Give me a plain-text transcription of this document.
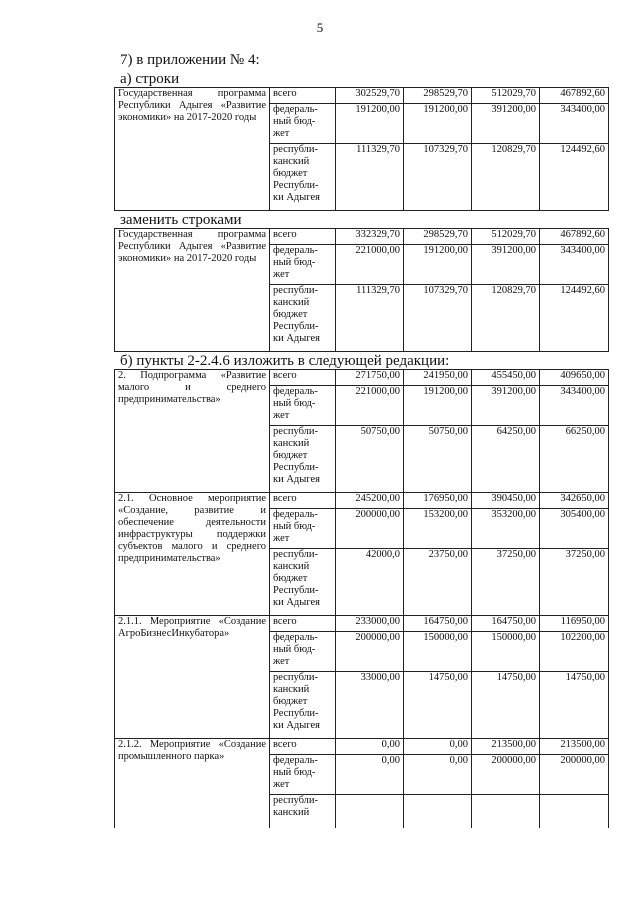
5
7) в приложении № 4:
а) строки
Государственная программа Республики Адыгея «Развитие экономики» на 2017-2020 годы	всего	302529,70	298529,70	512029,70	467892,60
	федераль-
ный бюд-
жет	191200,00	191200,00	391200,00	343400,00
	республи-
канский
бюджет
Республи-
ки Адыгея	111329,70	107329,70	120829,70	124492,60
заменить строками
Государственная программа Республики Адыгея «Развитие экономики» на 2017-2020 годы	всего	332329,70	298529,70	512029,70	467892,60
	федераль-
ный бюд-
жет	221000,00	191200,00	391200,00	343400,00
	республи-
канский
бюджет
Республи-
ки Адыгея	111329,70	107329,70	120829,70	124492,60
б) пункты 2-2.4.6 изложить в следующей редакции:
2. Подпрограмма «Развитие малого и среднего предпринимательства»	всего	271750,00	241950,00	455450,00	409650,00
	федераль-
ный бюд-
жет	221000,00	191200,00	391200,00	343400,00
	республи-
канский
бюджет
Республи-
ки Адыгея	50750,00	50750,00	64250,00	66250,00
2.1. Основное мероприятие «Создание, развитие и обеспечение деятельности инфраструктуры поддержки субъектов малого и среднего предпринимательства»	всего	245200,00	176950,00	390450,00	342650,00
	федераль-
ный бюд-
жет	200000,00	153200,00	353200,00	305400,00
	республи-
канский
бюджет
Республи-
ки Адыгея	42000,0	23750,00	37250,00	37250,00
2.1.1. Мероприятие «Создание АгроБизнесИнкубатора»	всего	233000,00	164750,00	164750,00	116950,00
	федераль-
ный бюд-
жет	200000,00	150000,00	150000,00	102200,00
	республи-
канский
бюджет
Республи-
ки Адыгея	33000,00	14750,00	14750,00	14750,00
2.1.2. Мероприятие «Создание промышленного парка»	всего	0,00	0,00	213500,00	213500,00
	федераль-
ный бюд-
жет	0,00	0,00	200000,00	200000,00
	республи-
канский				
